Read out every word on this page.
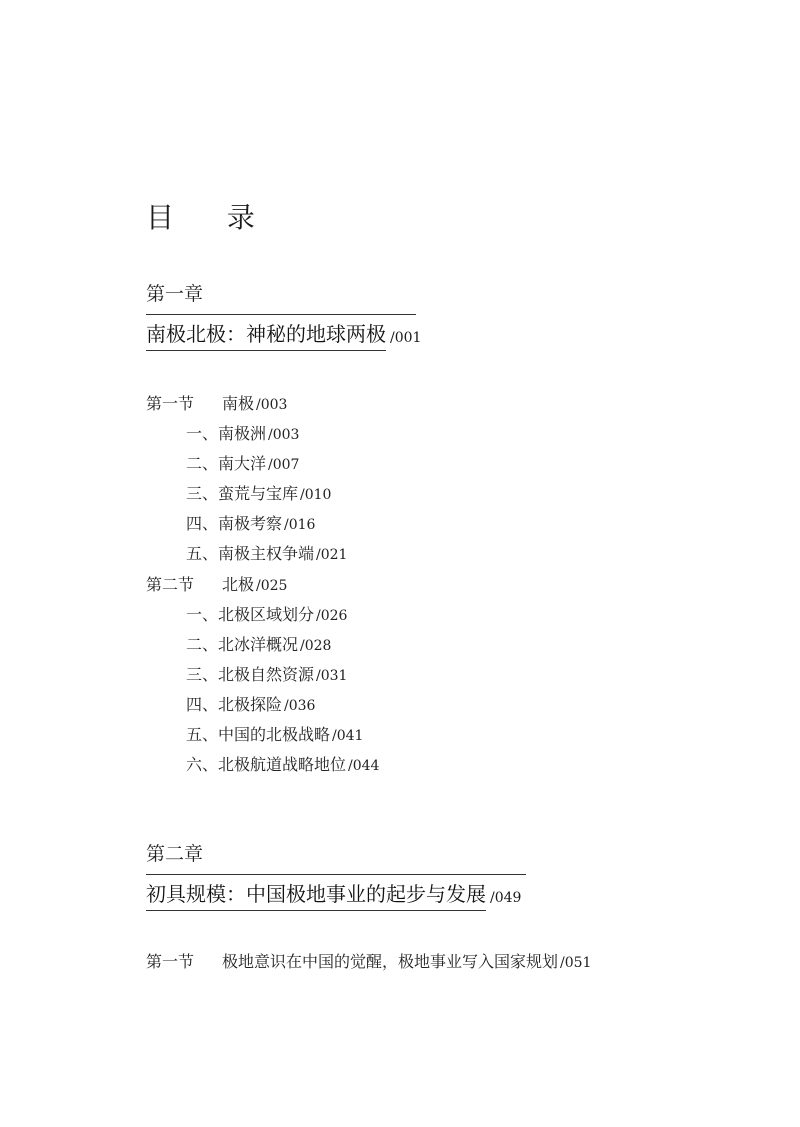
目 录
第一章
南极北极：神秘的地球两极 /001
第一节 南极 /003
一、南极洲 /003
二、南大洋 /007
三、蛮荒与宝库 /010
四、南极考察 /016
五、南极主权争端 /021
第二节 北极 /025
一、北极区域划分 /026
二、北冰洋概况 /028
三、北极自然资源 /031
四、北极探险 /036
五、中国的北极战略 /041
六、北极航道战略地位 /044
第二章
初具规模：中国极地事业的起步与发展 /049
第一节 极地意识在中国的觉醒，极地事业写入国家规划 /051
